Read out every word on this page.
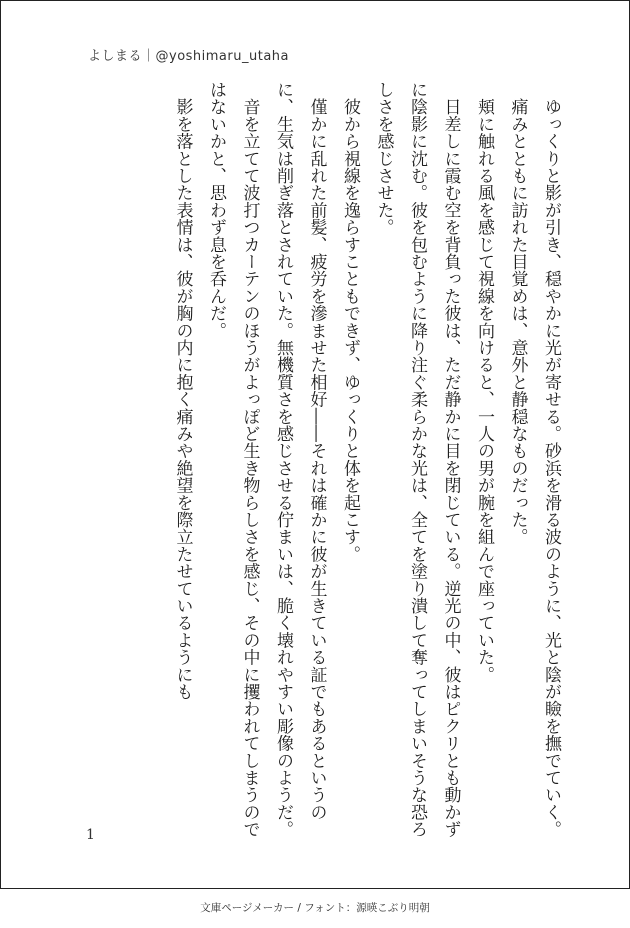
よしまる｜@yoshimaru_utaha

　ゆっくりと影が引き、穏やかに光が寄せる。砂浜を滑る波のように、光と陰が瞼を撫でていく。

　痛みとともに訪れた目覚めは、意外と静穏なものだった。

　頬に触れる風を感じて視線を向けると、一人の男が腕を組んで座っていた。

　日差しに霞む空を背負った彼は、ただ静かに目を閉じている。逆光の中、彼はピクリとも動かずに陰影に沈む。彼を包むように降り注ぐ柔らかな光は、全てを塗り潰して奪ってしまいそうな恐ろしさを感じさせた。

　彼から視線を逸らすこともできず、ゆっくりと体を起こす。

　僅かに乱れた前髪、疲労を滲ませた相好――それは確かに彼が生きている証でもあるというのに、生気は削ぎ落とされていた。無機質さを感じさせる佇まいは、脆く壊れやすい彫像のようだ。

　音を立てて波打つカーテンのほうがよっぽど生き物らしさを感じ、その中に攫われてしまうのではないかと、思わず息を呑んだ。

　影を落とした表情は、彼が胸の内に抱く痛みや絶望を際立たせているようにも

1
文庫ページメーカー / フォント：源暎こぶり明朝
